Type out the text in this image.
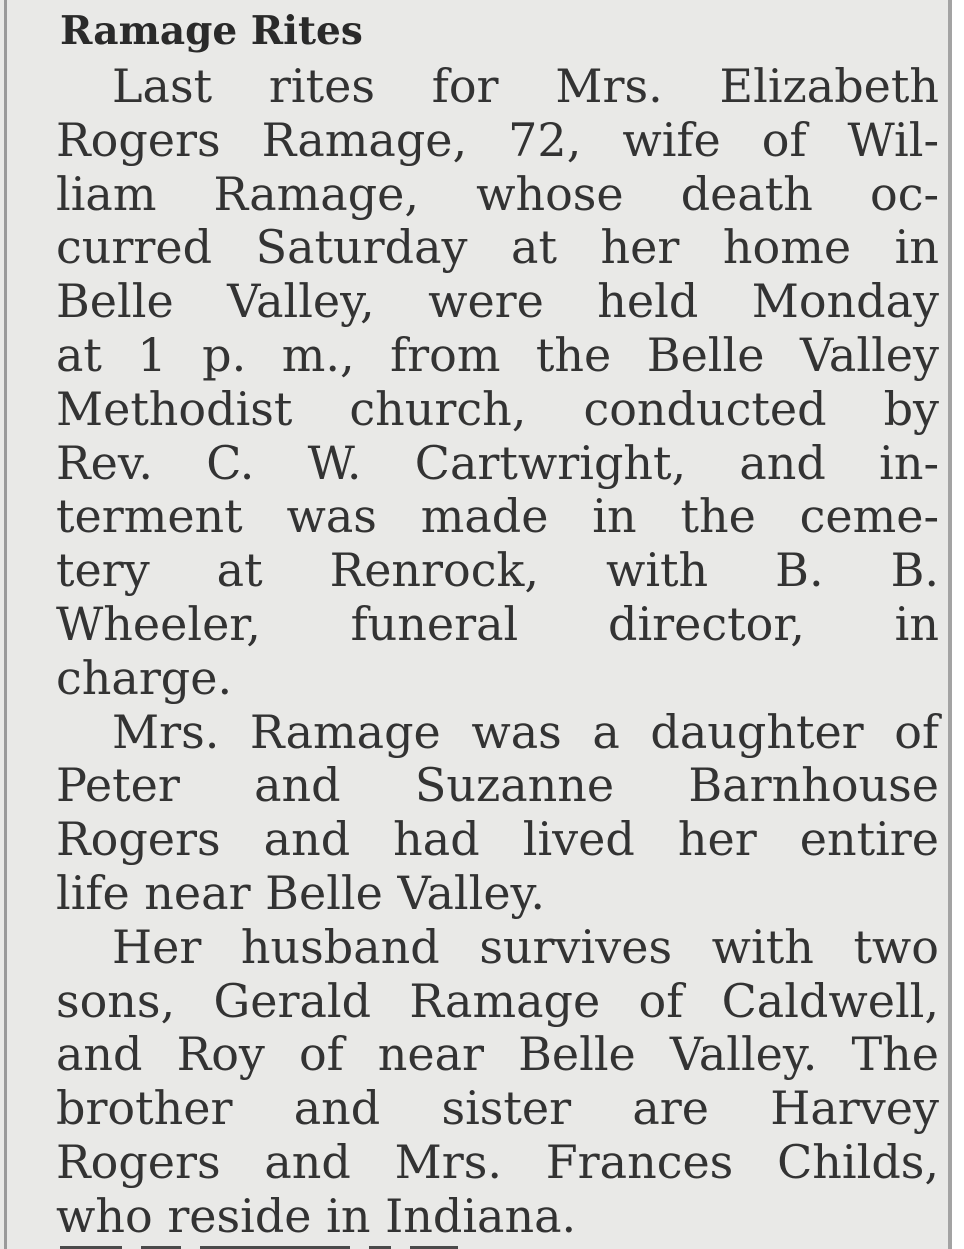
Ramage Rites
Last rites for Mrs. Elizabeth
Rogers Ramage, 72, wife of Wil-
liam Ramage, whose death oc-
curred Saturday at her home in
Belle Valley, were held Monday
at 1 p. m., from the Belle Valley
Methodist church, conducted by
Rev. C. W. Cartwright, and in-
terment was made in the ceme-
tery at Renrock, with B. B.
Wheeler, funeral director, in
charge.
Mrs. Ramage was a daughter of
Peter and Suzanne Barnhouse
Rogers and had lived her entire
life near Belle Valley.
Her husband survives with two
sons, Gerald Ramage of Caldwell,
and Roy of near Belle Valley. The
brother and sister are Harvey
Rogers and Mrs. Frances Childs,
who reside in Indiana.
